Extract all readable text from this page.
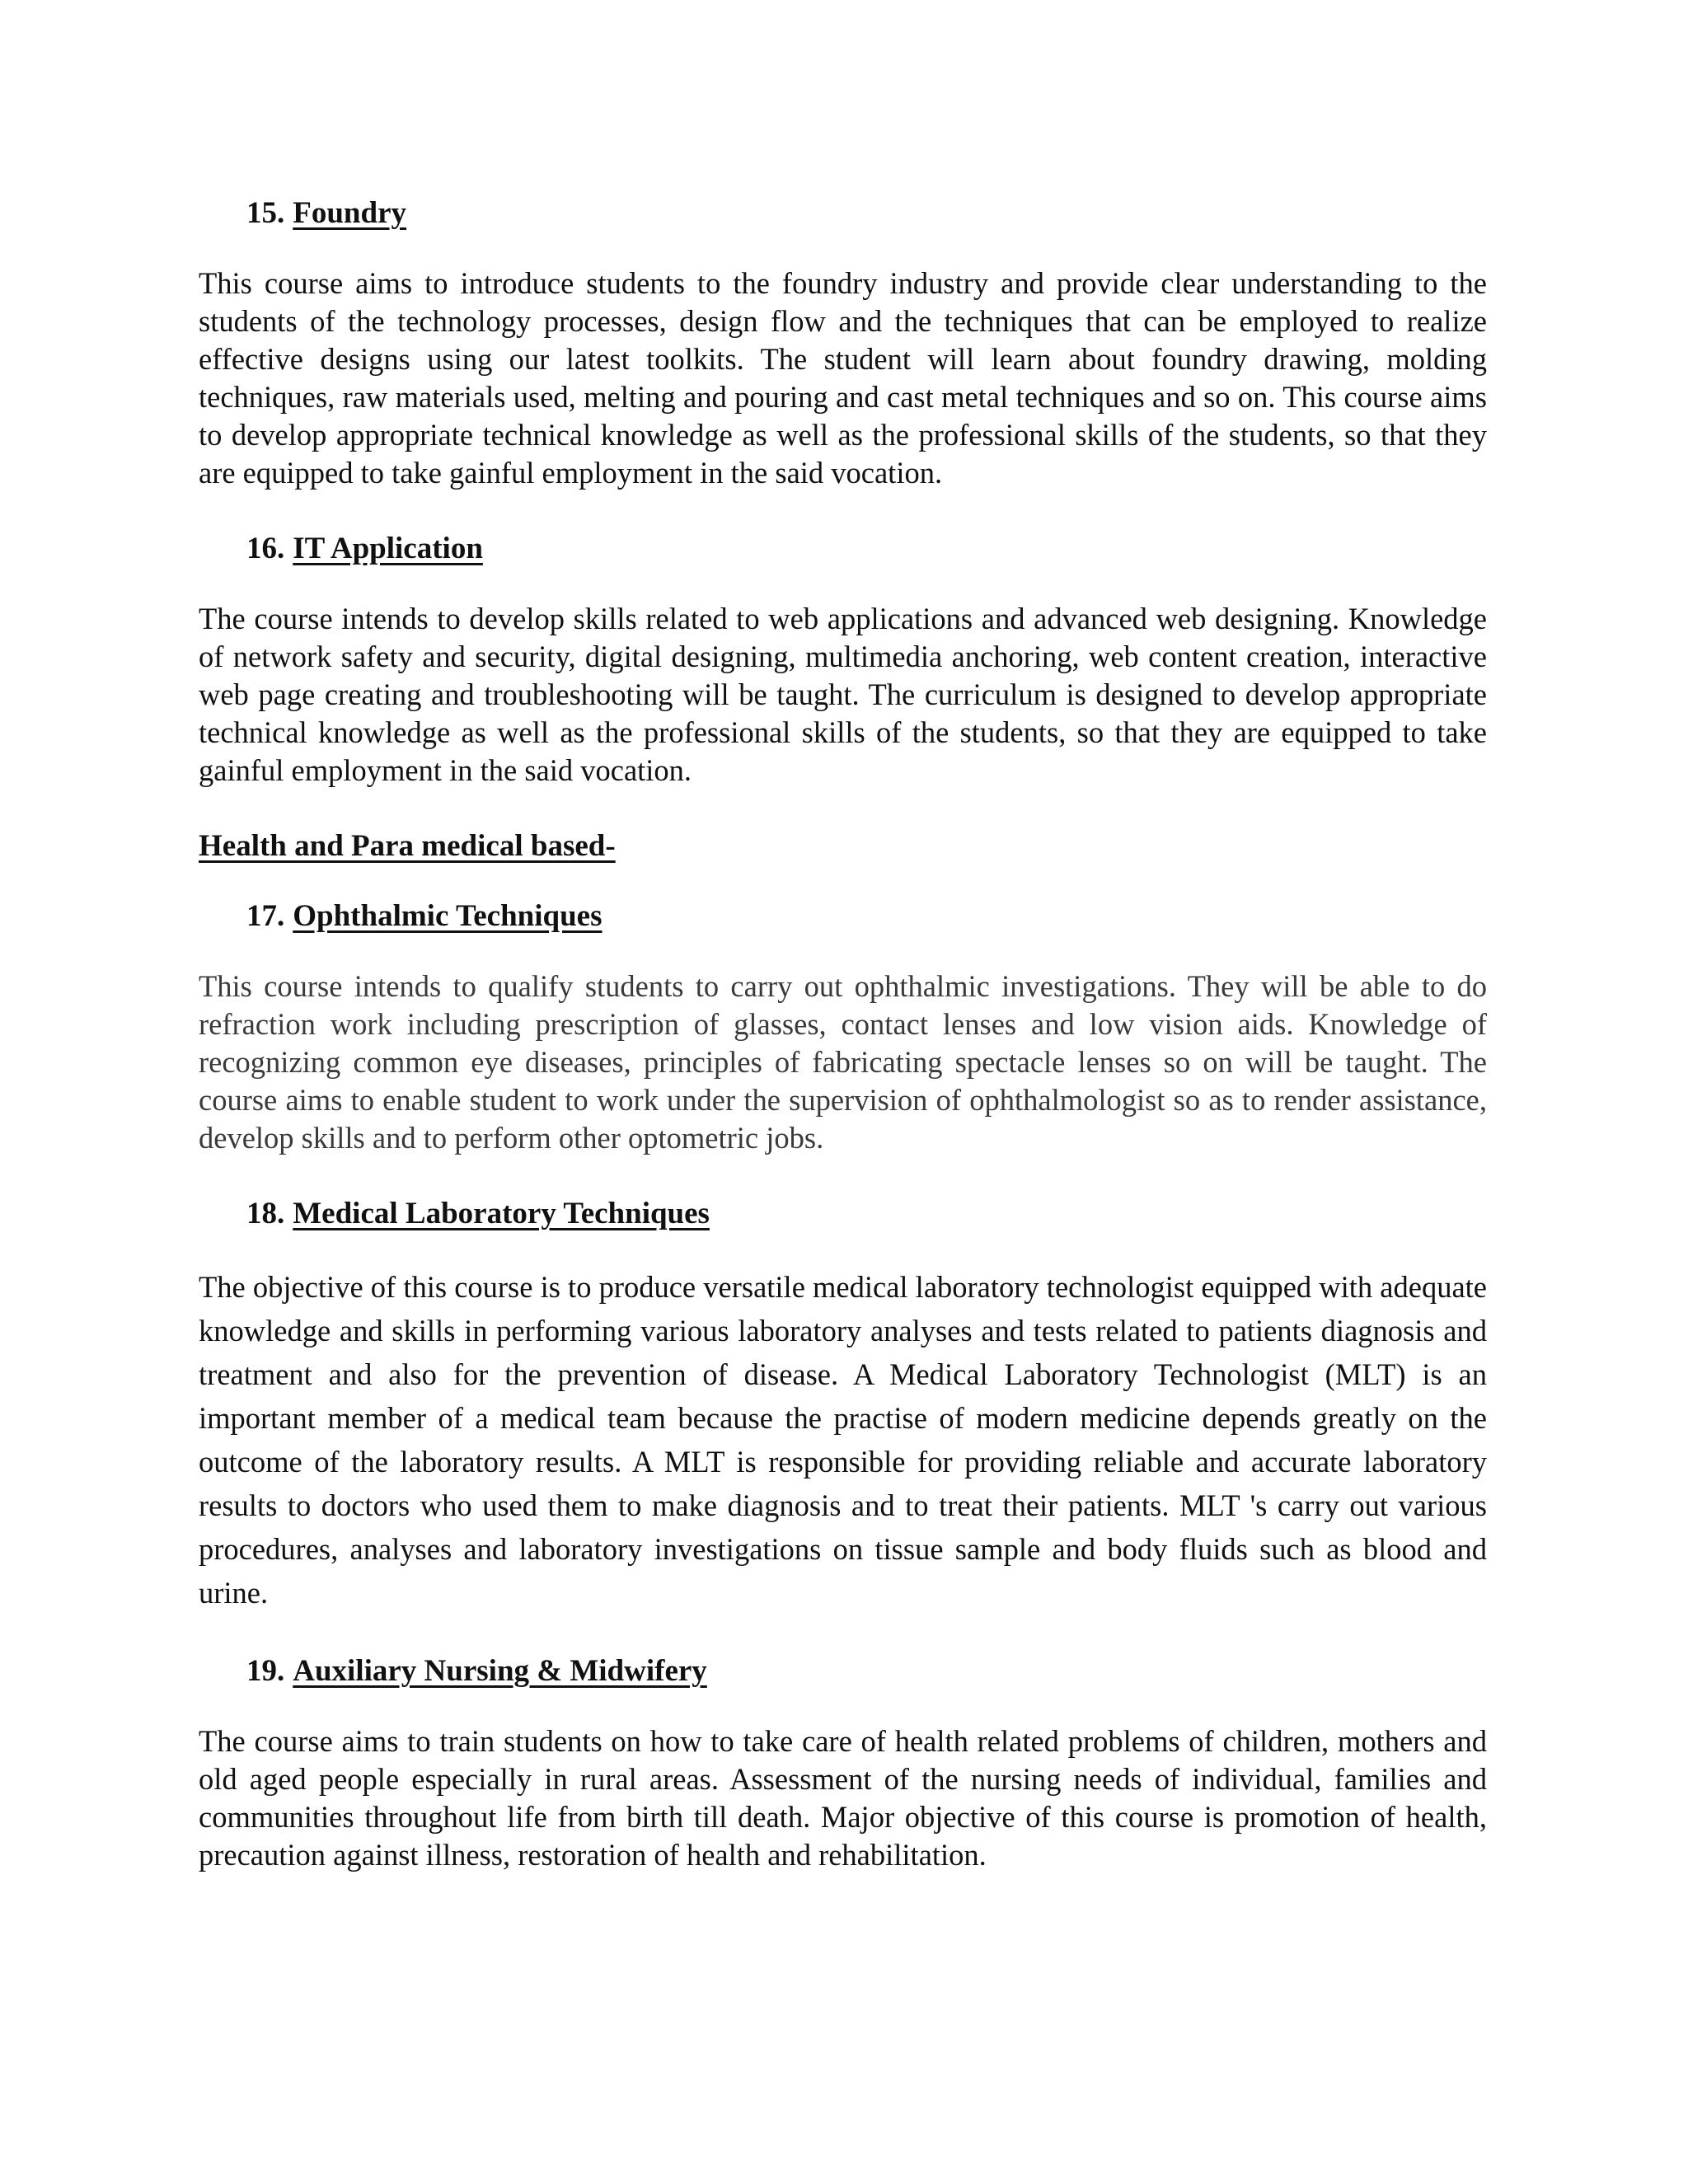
15. Foundry

This course aims to introduce students to the foundry industry and provide clear understanding to the students of the technology processes, design flow and the techniques that can be employed to realize effective designs using our latest toolkits. The student will learn about foundry drawing, molding techniques, raw materials used, melting and pouring and cast metal techniques and so on. This course aims to develop appropriate technical knowledge as well as the professional skills of the students, so that they are equipped to take gainful employment in the said vocation.

16. IT Application

The course intends to develop skills related to web applications and advanced web designing. Knowledge of network safety and security, digital designing, multimedia anchoring, web content creation, interactive web page creating and troubleshooting will be taught. The curriculum is designed to develop appropriate technical knowledge as well as the professional skills of the students, so that they are equipped to take gainful employment in the said vocation.

Health and Para medical based-
17. Ophthalmic Techniques

This course intends to qualify students to carry out ophthalmic investigations. They will be able to do refraction work including prescription of glasses, contact lenses and low vision aids. Knowledge of recognizing common eye diseases, principles of fabricating spectacle lenses so on will be taught. The course aims to enable student to work under the supervision of ophthalmologist so as to render assistance, develop skills and to perform other optometric jobs.

18. Medical Laboratory Techniques

The objective of this course is to produce versatile medical laboratory technologist equipped with adequate knowledge and skills in performing various laboratory analyses and tests related to patients diagnosis and treatment and also for the prevention of disease. A Medical Laboratory Technologist (MLT) is an important member of a medical team because the practise of modern medicine depends greatly on the outcome of the laboratory results. A MLT is responsible for providing reliable and accurate laboratory results to doctors who used them to make diagnosis and to treat their patients. MLT 's carry out various procedures, analyses and laboratory investigations on tissue sample and body fluids such as blood and urine.

19. Auxiliary Nursing & Midwifery

The course aims to train students on how to take care of health related problems of children, mothers and old aged people especially in rural areas. Assessment of the nursing needs of individual, families and communities throughout life from birth till death. Major objective of this course is promotion of health, precaution against illness, restoration of health and rehabilitation.
